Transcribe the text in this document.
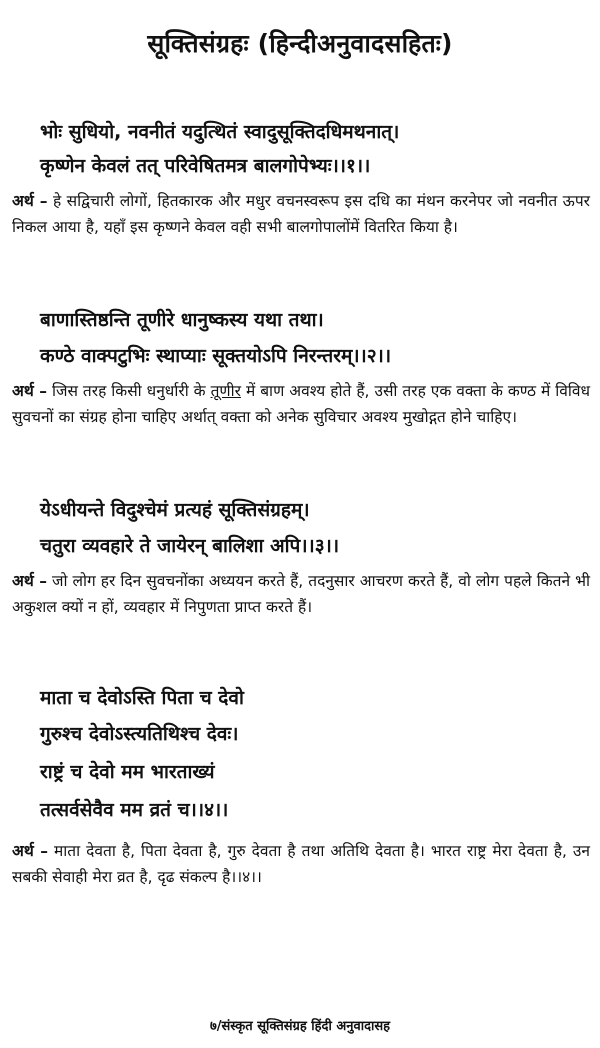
सूक्तिसंग्रहः (हिन्दीअनुवादसहितः)
भोः सुधियो, नवनीतं यदुत्थितं स्वादुसूक्तिदधिमथनात्।
कृष्णेन केवलं तत् परिवेषितमत्र बालगोपेभ्यः।।१।।
अर्थ – हे सद्विचारी लोगों, हितकारक और मधुर वचनस्वरूप इस दधि का मंथन करनेपर जो नवनीत ऊपर निकल आया है, यहाँ इस कृष्णने केवल वही सभी बालगोपालोंमें वितरित किया है।
बाणास्तिष्ठन्ति तूणीरे धानुष्कस्य यथा तथा।
कण्ठे वाक्पटुभिः स्थाप्याः सूक्तयोऽपि निरन्तरम्।।२।।
अर्थ – जिस तरह किसी धनुर्धारी के तूणीर में बाण अवश्य होते हैं, उसी तरह एक वक्ता के कण्ठ में विविध सुवचनों का संग्रह होना चाहिए अर्थात् वक्ता को अनेक सुविचार अवश्य मुखोद्गत होने चाहिए।
येऽधीयन्ते विदुश्चेमं प्रत्यहं सूक्तिसंग्रहम्।
चतुरा व्यवहारे ते जायेरन् बालिशा अपि।।३।।
अर्थ – जो लोग हर दिन सुवचनोंका अध्ययन करते हैं, तदनुसार आचरण करते हैं, वो लोग पहले कितने भी अकुशल क्यों न हों, व्यवहार में निपुणता प्राप्त करते हैं।
माता च देवोऽस्ति पिता च देवो
गुरुश्च देवोऽस्त्यतिथिश्च देवः।
राष्ट्रं च देवो मम भारताख्यं
तत्सर्वसेवैव मम व्रतं च।।४।।
अर्थ – माता देवता है, पिता देवता है, गुरु देवता है तथा अतिथि देवता है। भारत राष्ट्र मेरा देवता है, उन सबकी सेवाही मेरा व्रत है, दृढ संकल्प है।।४।।
७/संस्कृत सूक्तिसंग्रह हिंदी अनुवादासह
